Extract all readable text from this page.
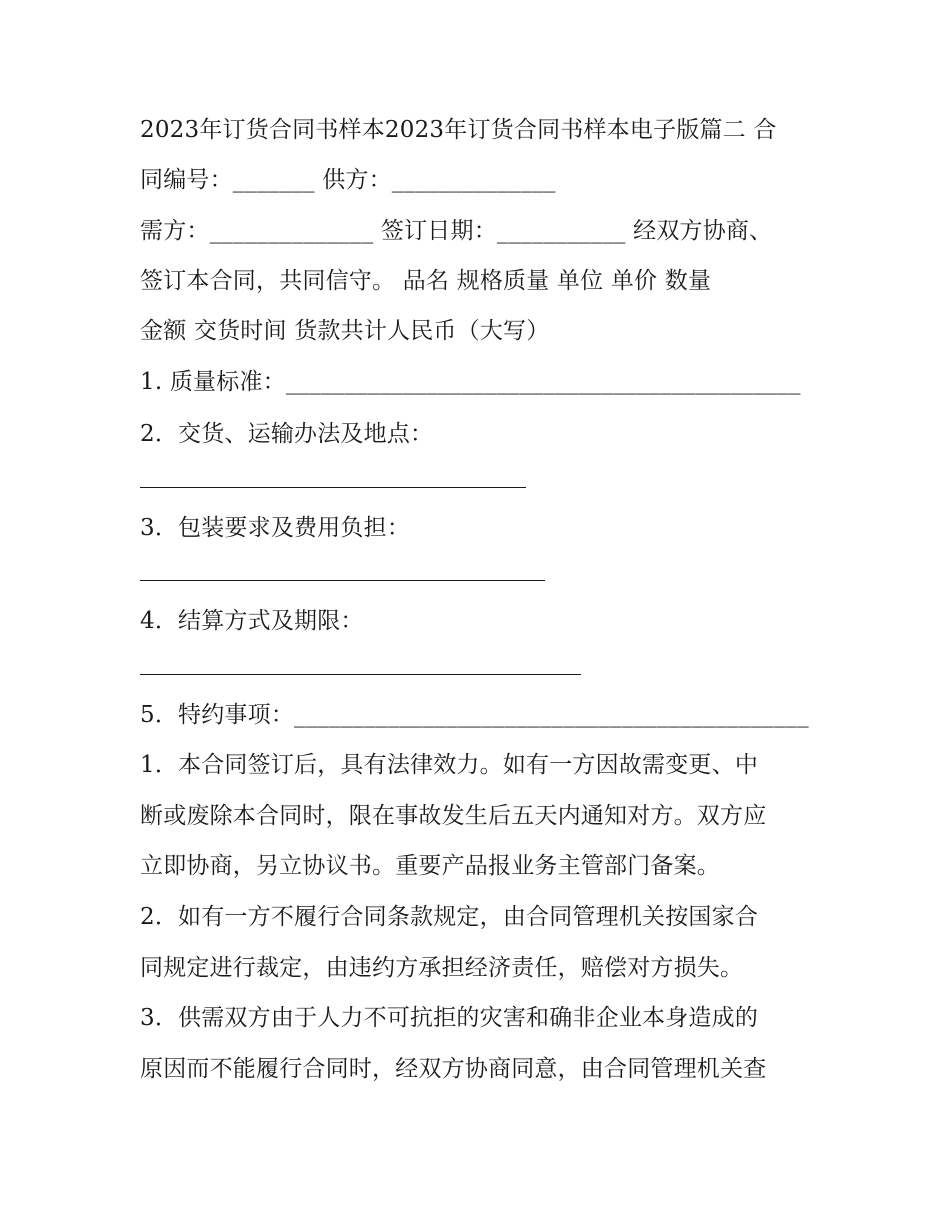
2023年订货合同书样本2023年订货合同书样本电子版篇二 合
同编号：_______ 供方：______________
需方：______________ 签订日期：___________ 经双方协商、
签订本合同，共同信守。 品名 规格质量 单位 单价 数量
金额 交货时间 货款共计人民币（大写）
1. 质量标准：____________________________________________
2．交货、运输办法及地点：
3．包装要求及费用负担：
4．结算方式及期限：
5．特约事项：____________________________________________
1．本合同签订后，具有法律效力。如有一方因故需变更、中
断或废除本合同时，限在事故发生后五天内通知对方。双方应
立即协商，另立协议书。重要产品报业务主管部门备案。
2．如有一方不履行合同条款规定，由合同管理机关按国家合
同规定进行裁定，由违约方承担经济责任，赔偿对方损失。
3．供需双方由于人力不可抗拒的灾害和确非企业本身造成的
原因而不能履行合同时，经双方协商同意，由合同管理机关查
